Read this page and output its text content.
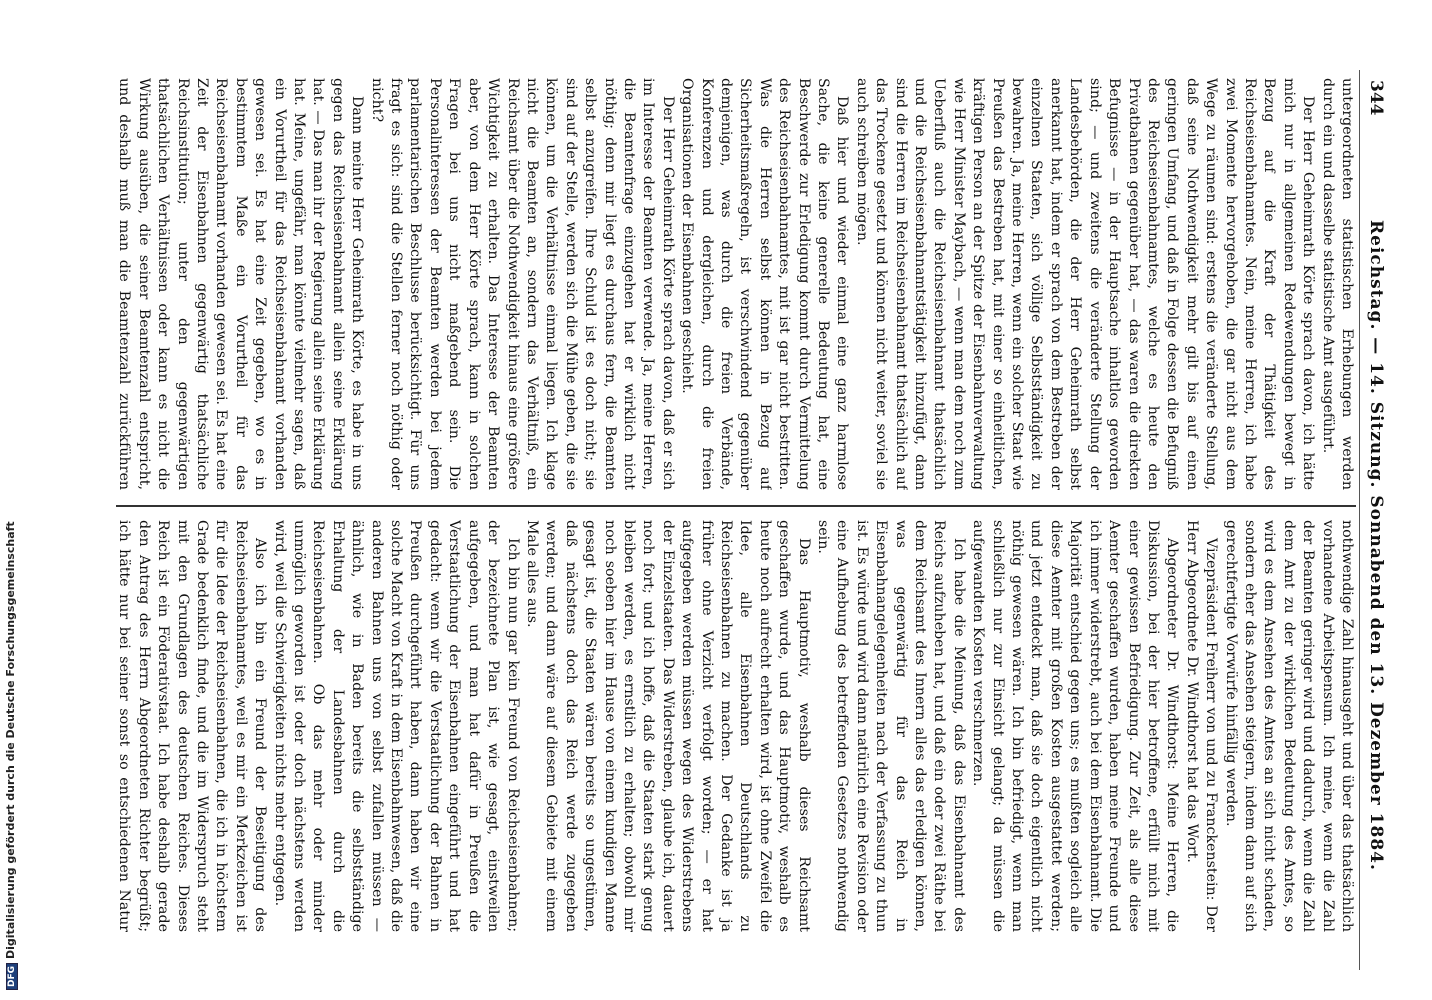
DFGDigitalisierung gefördert durch die Deutsche Forschungsgemeinschaft
344
Reichstag. — 14. Sitzung. Sonnabend den 13. Dezember 1884.

untergeordneten statistischen Erhebungen werden durch ein und dasselbe statistische Amt ausgeführt.

Der Herr Geheimrath Körte sprach davon, ich hätte mich nur in allgemeinen Redewendungen bewegt in Bezug auf die Kraft der Thätigkeit des Reichseisenbahnamtes. Nein, meine Herren, ich habe zwei Momente hervorgehoben, die gar nicht aus dem Wege zu räumen sind: erstens die veränderte Stellung, daß seine Nothwendigkeit mehr gilt bis auf einen geringen Umfang, und daß in Folge dessen die Befugniß des Reichseisenbahnamtes, welche es heute den Privatbahnen gegenüber hat, — das waren die direkten Befugnisse — in der Hauptsache inhaltlos geworden sind; — und zweitens die veränderte Stellung der Landesbehörden, die der Herr Geheimrath selbst anerkannt hat, indem er sprach von dem Bestreben der einzelnen Staaten, sich völlige Selbstständigkeit zu bewahren. Ja, meine Herren, wenn ein solcher Staat wie Preußen das Bestreben hat, mit einer so einheitlichen, kräftigen Person an der Spitze der Eisenbahnverwaltung wie Herr Minister Maybach, — wenn man dem noch zum Ueberfluß auch die Reichseisenbahnamt thatsächlich und die Reichseisenbahnamtstätigkeit hinzufügt, dann sind die Herren im Reichseisenbahnamt thatsächlich auf das Trockene gesetzt und können nicht weiter, soviel sie auch schreiben mögen.

Daß hier und wieder einmal eine ganz harmlose Sache, die keine generelle Bedeutung hat, eine Beschwerde zur Erledigung kommt durch Vermittelung des Reichseisenbahnamtes, mit ist gar nicht bestritten. Was die Herren selbst können in Bezug auf Sicherheitsmaßregeln, ist verschwindend gegenüber demjenigen, was durch die freien Verbände, Konferenzen und dergleichen, durch die freien Organisationen der Eisenbahnen geschieht.

Der Herr Geheimrath Körte sprach davon, daß er sich im Interesse der Beamten verwende. Ja, meine Herren, die Beamtenfrage einzugehen hat er wirklich nicht nöthig; denn mir liegt es durchaus fern, die Beamten selbst anzugreifen. Ihre Schuld ist es doch nicht; sie sind auf der Stelle, werden sich die Mühe geben, die sie können, um die Verhältnisse einmal liegen. Ich klage nicht die Beamten an, sondern das Verhältniß, ein Reichsamt über die Nothwendigkeit hinaus eine größere Wichtigkeit zu erhalten. Das Interesse der Beamten aber, von dem Herr Körte sprach, kann in solchen Fragen bei uns nicht maßgebend sein. Die Personalinteressen der Beamten werden bei jedem parlamentarischen Beschlusse berücksichtigt. Für uns fragt es sich: sind die Stellen ferner noch nöthig oder nicht?

Dann meinte Herr Geheimrath Körte, es habe in uns gegen das Reichseisenbahnamt allein seine Erklärung hat. — Das man ihr der Regierung allein seine Erklärung hat. Meine, ungefähr, man könnte vielmehr sagen, daß ein Vorurtheil für das Reichseisenbahnamt vorhanden gewesen sei. Es hat eine Zeit gegeben, wo es in bestimmtem Maße ein Vorurtheil für das Reichseisenbahnamt vorhanden gewesen sei. Es hat eine Zeit der Eisenbahnen gegenwärtig thatsächliche Reichsinstitution; unter den gegenwärtigen thatsächlichen Verhältnissen oder kann es nicht die Wirkung ausüben, die seiner Beamtenzahl entspricht, und deshalb muß man die Beamtenzahl zurückführen

nothwendige Zahl hinausgeht und über das thatsächlich vorhandene Arbeitspensum. Ich meine, wenn die Zahl der Beamten geringer wird und dadurch, wenn die Zahl dem Amt zu der wirklichen Bedeutung des Amtes, so wird es dem Ansehen des Amtes an sich nicht schaden, sondern eher das Ansehen steigern, indem dann auf sich gerechtfertigte Vorwürfe hinfällig werden.

Vizepräsident Freiherr von und zu Franckenstein: Der Herr Abgeordnete Dr. Windthorst hat das Wort.

Abgeordneter Dr. Windthorst: Meine Herren, die Diskussion, bei der hier betroffene, erfüllt mich mit einer gewissen Befriedigung. Zur Zeit, als alle diese Aemter geschaffen wurden, haben meine Freunde und ich immer widerstrebt, auch bei dem Eisenbahnamt. Die Majorität entschied gegen uns; es mußten sogleich alle diese Aemter mit großen Kosten ausgestattet werden; und jetzt entdeckt man, daß sie doch eigentlich nicht nöthig gewesen wären. Ich bin befriedigt, wenn man schließlich nur zur Einsicht gelangt; da müssen die aufgewandten Kosten verschmerzen.

Ich habe die Meinung, daß das Eisenbahnamt des Reichs aufzuheben hat, und daß ein oder zwei Räthe bei dem Reichsamt des Innern alles das erledigen können, was gegenwärtig für das Reich in Eisenbahnangelegenheiten nach der Verfassung zu thun ist. Es würde und wird dann natürlich eine Revision oder eine Aufhebung des betreffenden Gesetzes nothwendig sein.

Das Hauptmotiv, weshalb dieses Reichsamt geschaffen wurde, und das Hauptmotiv, weshalb es heute noch aufrecht erhalten wird, ist ohne Zweifel die Idee, alle Eisenbahnen Deutschlands zu Reichseisenbahnen zu machen. Der Gedanke ist ja früher ohne Verzicht verfolgt worden; — er hat aufgegeben werden müssen wegen des Widerstrebens der Einzelstaaten. Das Widerstreben, glaube ich, dauert noch fort; und ich hoffe, daß die Staaten stark genug bleiben werden, es ernstlich zu erhalten; obwohl mir noch soeben hier im Hause von einem kundigen Manne gesagt ist, die Staaten wären bereits so ungestümen, daß nächstens doch das Reich werde zugegeben werden; und dann wäre auf diesem Gebiete mit einem Male alles aus.

Ich bin nun gar kein Freund von Reichseisenbahnen; der bezeichnete Plan ist, wie gesagt, einstweilen aufgegeben, und man hat dafür in Preußen die Verstaatlichung der Eisenbahnen eingeführt und hat gedacht: wenn wir die Verstaatlichung der Bahnen in Preußen durchgeführt haben, dann haben wir eine solche Macht von Kraft in dem Eisenbahnwesen, daß die anderen Bahnen uns von selbst zufallen müssen — ähnlich, wie in Baden bereits die selbstständige Erhaltung der Landesbahnen durch die Reichseisenbahnen. Ob das mehr oder minder unmöglich geworden ist oder doch nächstens werden wird, weil die Schwierigkeiten nichts mehr entgegen.

Also ich bin ein Freund der Beseitigung des Reichseisenbahnamtes, weil es mir ein Merkzeichen ist für die Idee der Reichseisenbahnen, die ich in höchstem Grade bedenklich finde, und die im Widerspruch steht mit den Grundlagen des deutschen Reiches. Dieses Reich ist ein Föderativstaat. Ich habe deshalb gerade den Antrag des Herrn Abgeordneten Richter begrüßt; ich hätte nur bei seiner sonst so entschiedenen Natur
